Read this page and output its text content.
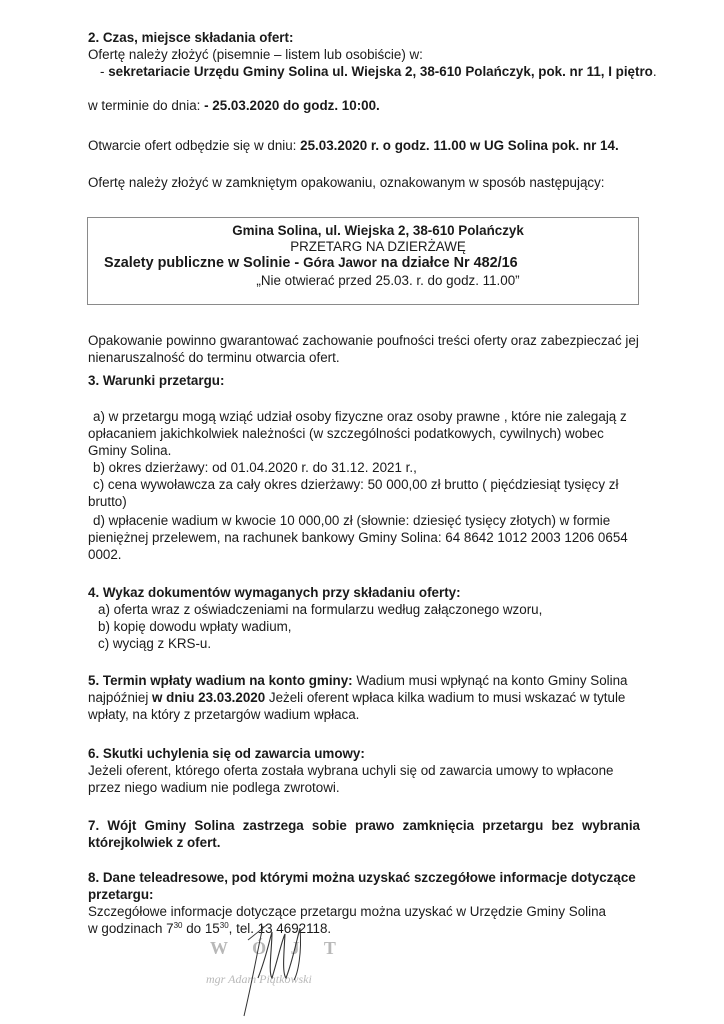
2. Czas, miejsce składania ofert:
Ofertę należy złożyć (pisemnie – listem lub osobiście) w:
- sekretariacie Urzędu Gminy Solina ul. Wiejska 2, 38-610 Polańczyk, pok. nr 11, I piętro.
w terminie do dnia: - 25.03.2020 do godz. 10:00.
Otwarcie ofert odbędzie się w dniu: 25.03.2020 r. o godz. 11.00 w UG Solina pok. nr 14.
Ofertę należy złożyć w zamkniętym opakowaniu, oznakowanym w sposób następujący:
Gmina Solina, ul. Wiejska 2, 38-610 Polańczyk
PRZETARG NA DZIERŻAWĘ
Szalety publiczne w Solinie - Góra Jawor na działce Nr 482/16
„Nie otwierać przed 25.03. r. do godz. 11.00”
Opakowanie powinno gwarantować zachowanie poufności treści oferty oraz zabezpieczać jej
nienaruszalność do terminu otwarcia ofert.
3. Warunki przetargu:
a) w przetargu mogą wziąć udział osoby fizyczne oraz osoby prawne , które nie zalegają z
opłacaniem jakichkolwiek należności (w szczególności podatkowych, cywilnych) wobec
Gminy Solina.
b) okres dzierżawy: od 01.04.2020 r. do 31.12. 2021 r.,
c) cena wywoławcza za cały okres dzierżawy: 50 000,00 zł brutto ( pięćdziesiąt tysięcy zł
brutto)
d) wpłacenie wadium w kwocie 10 000,00 zł (słownie: dziesięć tysięcy złotych) w formie
pieniężnej przelewem, na rachunek bankowy Gminy Solina: 64 8642 1012 2003 1206 0654
0002.
4. Wykaz dokumentów wymaganych przy składaniu oferty:
a) oferta wraz z oświadczeniami na formularzu według załączonego wzoru,
b) kopię dowodu wpłaty wadium,
c) wyciąg z KRS-u.
5. Termin wpłaty wadium na konto gminy: Wadium musi wpłynąć na konto Gminy Solina
najpóźniej w dniu 23.03.2020 Jeżeli oferent wpłaca kilka wadium to musi wskazać w tytule
wpłaty, na który z przetargów wadium wpłaca.
6. Skutki uchylenia się od zawarcia umowy:
Jeżeli oferent, którego oferta została wybrana uchyli się od zawarcia umowy to wpłacone
przez niego wadium nie podlega zwrotowi.
7. Wójt Gminy Solina zastrzega sobie prawo zamknięcia przetargu bez wybrania
którejkolwiek z ofert.
8. Dane teleadresowe, pod którymi można uzyskać szczegółowe informacje dotyczące
przetargu:
Szczegółowe informacje dotyczące przetargu można uzyskać w Urzędzie Gminy Solina
w godzinach $7^{30}$ do $15^{30}$, tel. 13 4692118.
W Ó J T
mgr Adam Piątkowski
